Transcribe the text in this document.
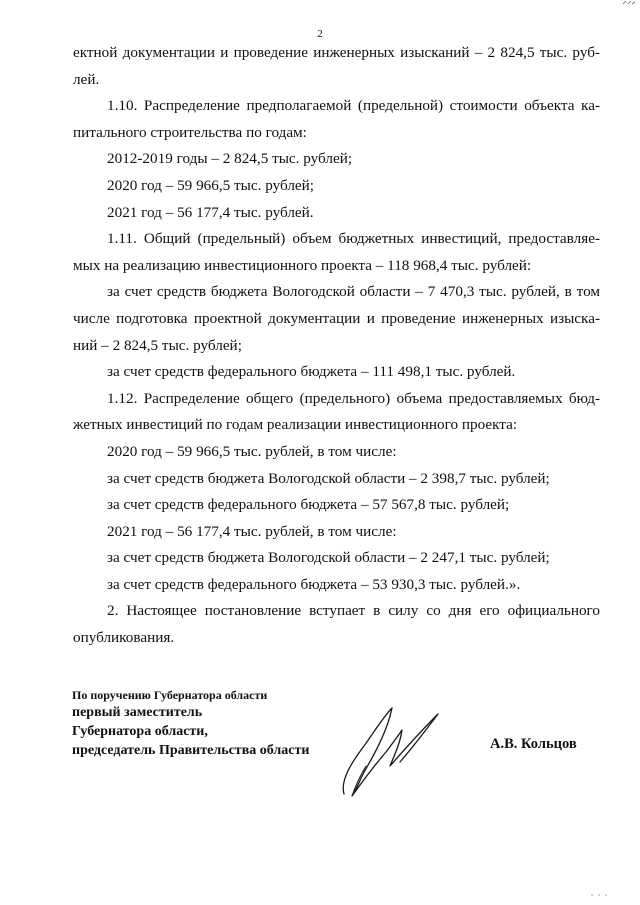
2

ектной документации и проведение инженерных изысканий – 2 824,5 тыс. руб-лей.

1.10. Распределение предполагаемой (предельной) стоимости объекта ка-питального строительства по годам:

2012-2019 годы – 2 824,5 тыс. рублей;

2020 год – 59 966,5 тыс. рублей;

2021 год – 56 177,4 тыс. рублей.

1.11. Общий (предельный) объем бюджетных инвестиций, предоставляе-мых на реализацию инвестиционного проекта – 118 968,4 тыс. рублей:

за счет средств бюджета Вологодской области – 7 470,3 тыс. рублей, в том числе подготовка проектной документации и проведение инженерных изыска-ний – 2 824,5 тыс. рублей;

за счет средств федерального бюджета – 111 498,1 тыс. рублей.

1.12. Распределение общего (предельного) объема предоставляемых бюд-жетных инвестиций по годам реализации инвестиционного проекта:

2020 год – 59 966,5 тыс. рублей, в том числе:

за счет средств бюджета Вологодской области – 2 398,7 тыс. рублей;

за счет средств федерального бюджета – 57 567,8 тыс. рублей;

2021 год – 56 177,4 тыс. рублей, в том числе:

за счет средств бюджета Вологодской области – 2 247,1 тыс. рублей;

за счет средств федерального бюджета – 53 930,3 тыс. рублей.».

2. Настоящее постановление вступает в силу со дня его официального опубликования.

По поручению Губернатора области
первый заместитель
Губернатора области,
председатель Правительства области	А.В. Кольцов
